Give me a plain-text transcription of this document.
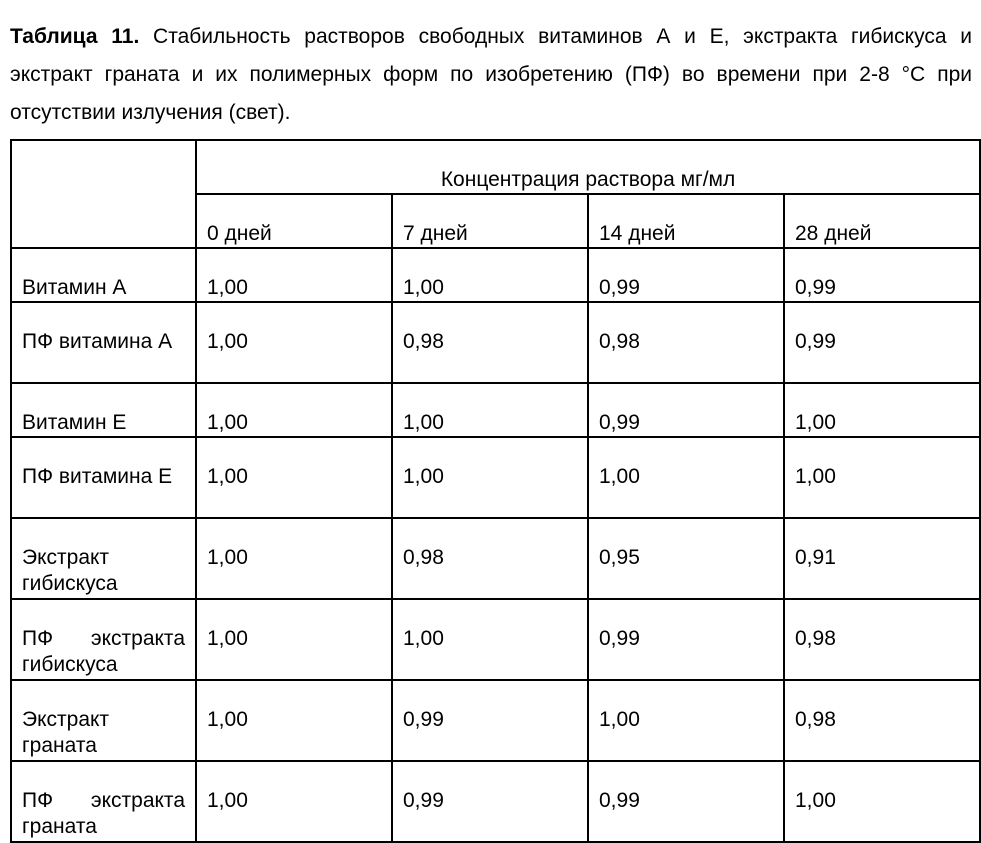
Таблица 11. Стабильность растворов свободных витаминов А и Е, экстракта гибискуса и экстракт граната и их полимерных форм по изобретению (ПФ) во времени при 2-8 °С при отсутствии излучения (свет).

	Концентрация раствора мг/мл			

	0 дней	7 дней	14 дней	28 дней

Витамин А	1,00	1,00	0,99	0,99

ПФ витамина А	1,00	0,98	0,98	0,99

Витамин Е	1,00	1,00	0,99	1,00

ПФ витамина Е	1,00	1,00	1,00	1,00

Экстракт гибискуса	1,00	0,98	0,95	0,91

ПФ экстракта гибискуса	1,00	1,00	0,99	0,98

Экстракт граната	1,00	0,99	1,00	0,98

ПФ экстракта граната	1,00	0,99	0,99	1,00
